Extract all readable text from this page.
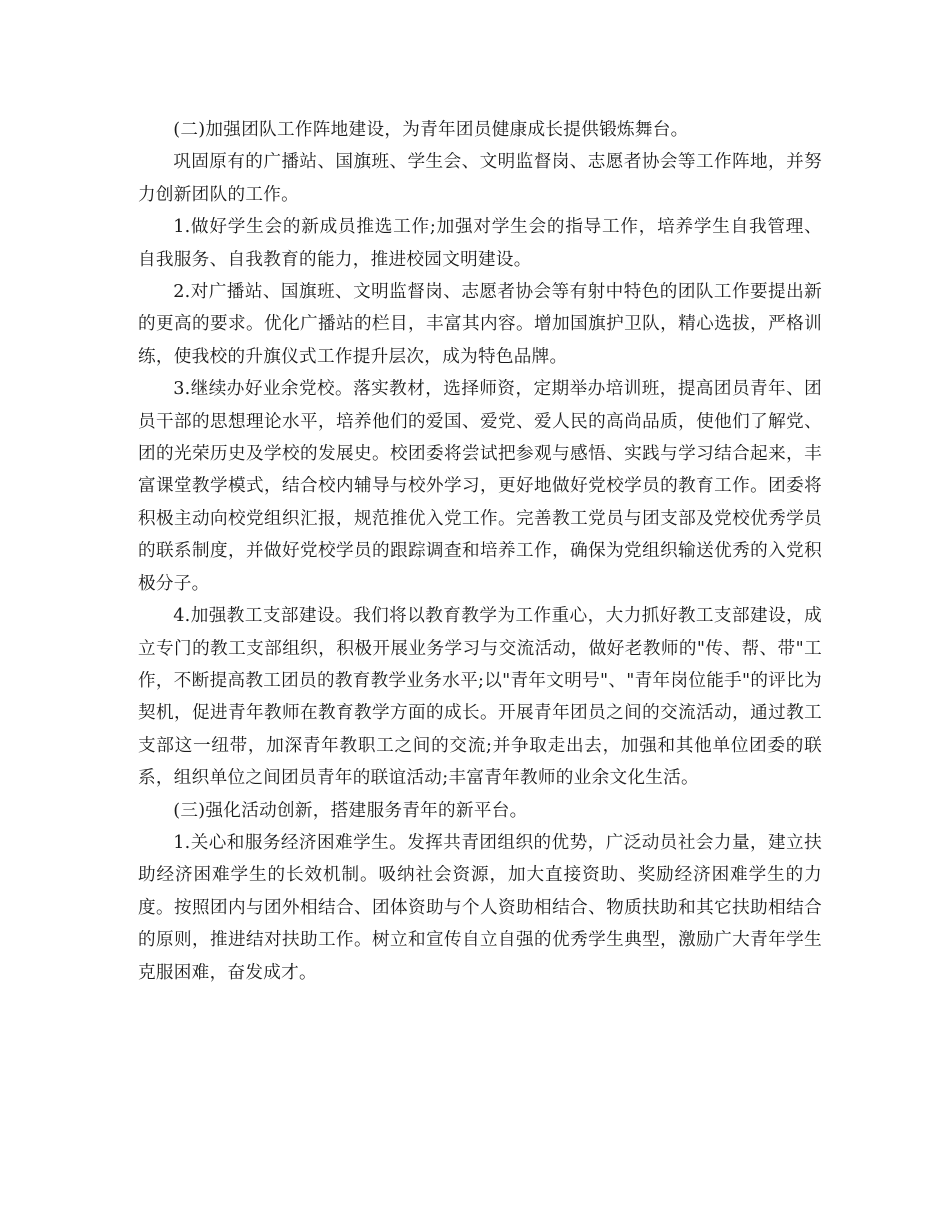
(二)加强团队工作阵地建设，为青年团员健康成长提供锻炼舞台。

巩固原有的广播站、国旗班、学生会、文明监督岗、志愿者协会等工作阵地，并努力创新团队的工作。

1.做好学生会的新成员推选工作;加强对学生会的指导工作，培养学生自我管理、自我服务、自我教育的能力，推进校园文明建设。

2.对广播站、国旗班、文明监督岗、志愿者协会等有射中特色的团队工作要提出新的更高的要求。优化广播站的栏目，丰富其内容。增加国旗护卫队，精心选拔，严格训练，使我校的升旗仪式工作提升层次，成为特色品牌。

3.继续办好业余党校。落实教材，选择师资，定期举办培训班，提高团员青年、团员干部的思想理论水平，培养他们的爱国、爱党、爱人民的高尚品质，使他们了解党、团的光荣历史及学校的发展史。校团委将尝试把参观与感悟、实践与学习结合起来，丰富课堂教学模式，结合校内辅导与校外学习，更好地做好党校学员的教育工作。团委将积极主动向校党组织汇报，规范推优入党工作。完善教工党员与团支部及党校优秀学员的联系制度，并做好党校学员的跟踪调查和培养工作，确保为党组织输送优秀的入党积极分子。

4.加强教工支部建设。我们将以教育教学为工作重心，大力抓好教工支部建设，成立专门的教工支部组织，积极开展业务学习与交流活动，做好老教师的"传、帮、带"工作，不断提高教工团员的教育教学业务水平;以"青年文明号"、"青年岗位能手"的评比为契机，促进青年教师在教育教学方面的成长。开展青年团员之间的交流活动，通过教工支部这一纽带，加深青年教职工之间的交流;并争取走出去，加强和其他单位团委的联系，组织单位之间团员青年的联谊活动;丰富青年教师的业余文化生活。

(三)强化活动创新，搭建服务青年的新平台。

1.关心和服务经济困难学生。发挥共青团组织的优势，广泛动员社会力量，建立扶助经济困难学生的长效机制。吸纳社会资源，加大直接资助、奖励经济困难学生的力度。按照团内与团外相结合、团体资助与个人资助相结合、物质扶助和其它扶助相结合的原则，推进结对扶助工作。树立和宣传自立自强的优秀学生典型，激励广大青年学生克服困难，奋发成才。
